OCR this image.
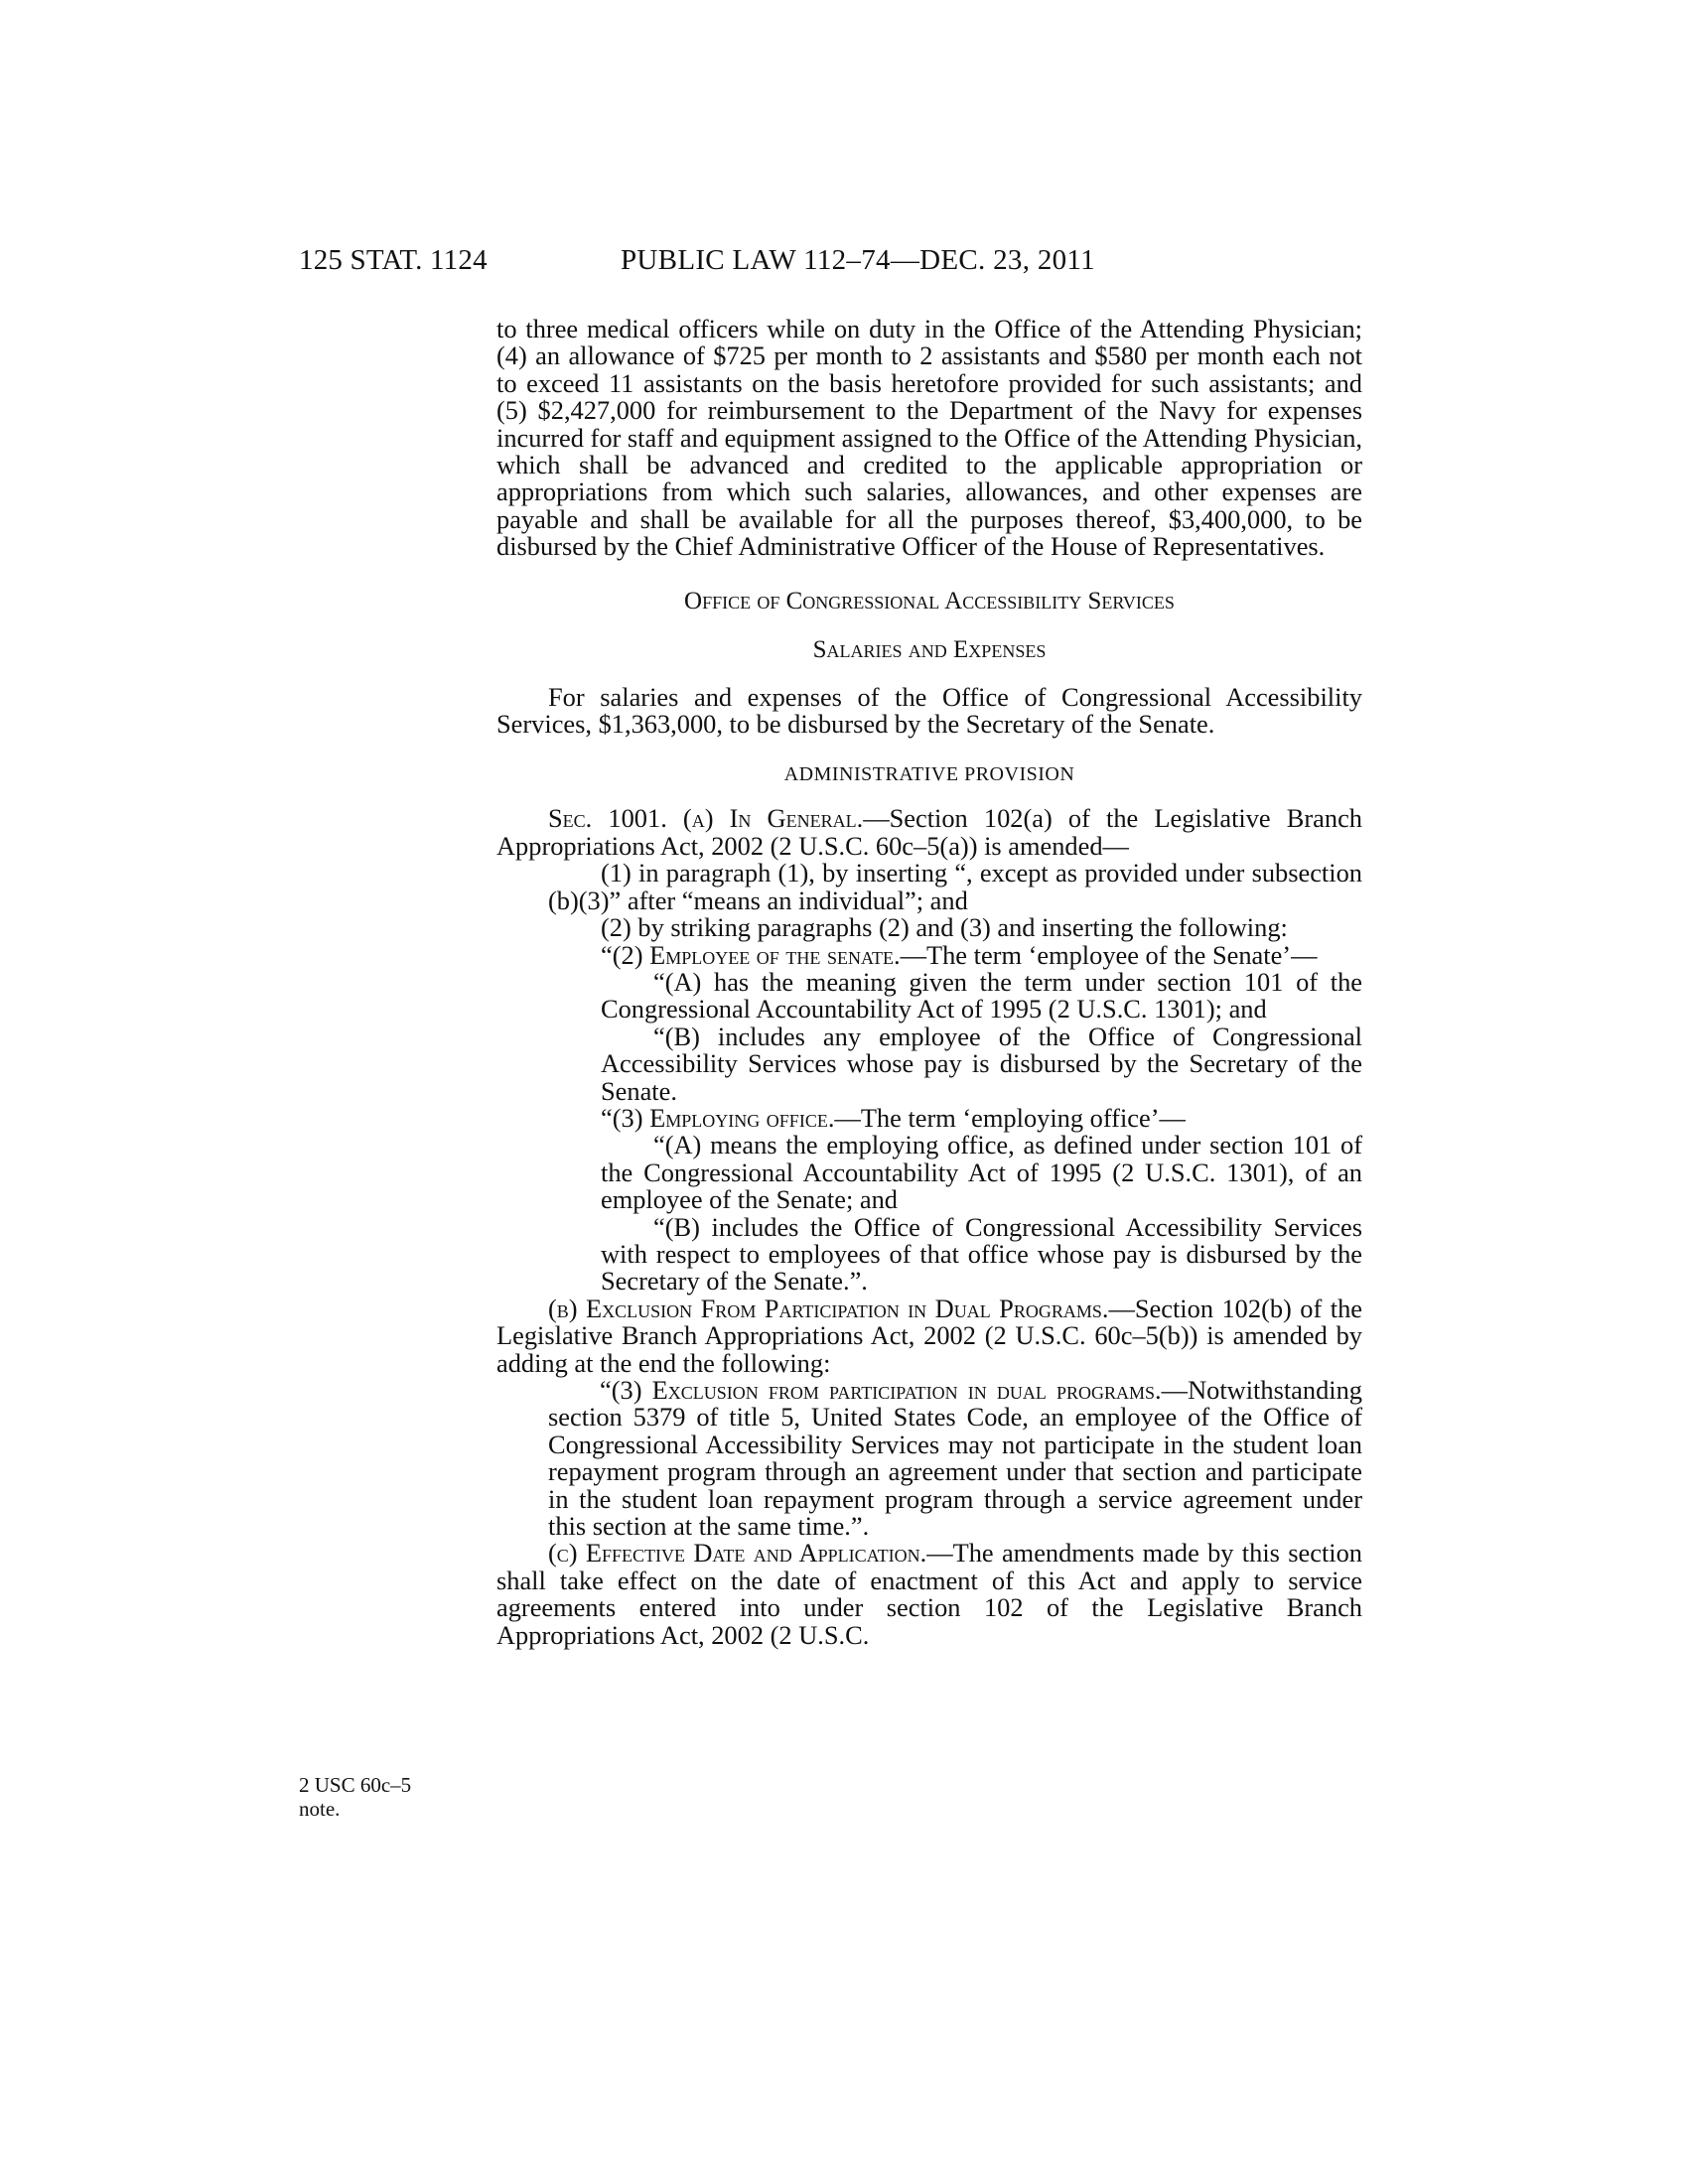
125 STAT. 1124	PUBLIC LAW 112–74—DEC. 23, 2011
2 USC 60c–5
note.

to three medical officers while on duty in the Office of the Attending Physician; (4) an allowance of $725 per month to 2 assistants and $580 per month each not to exceed 11 assistants on the basis heretofore provided for such assistants; and (5) $2,427,000 for reimbursement to the Department of the Navy for expenses incurred for staff and equipment assigned to the Office of the Attending Physician, which shall be advanced and credited to the applicable appropriation or appropriations from which such salaries, allowances, and other expenses are payable and shall be available for all the purposes thereof, $3,400,000, to be disbursed by the Chief Administrative Officer of the House of Representatives.

Office of Congressional Accessibility Services

Salaries and Expenses

For salaries and expenses of the Office of Congressional Accessibility Services, $1,363,000, to be disbursed by the Secretary of the Senate.

ADMINISTRATIVE PROVISION

Sec. 1001. (a) In General.—Section 102(a) of the Legislative Branch Appropriations Act, 2002 (2 U.S.C. 60c–5(a)) is amended—

(1) in paragraph (1), by inserting “, except as provided under subsection (b)(3)” after “means an individual”; and

(2) by striking paragraphs (2) and (3) and inserting the following:

“(2) Employee of the senate.—The term ‘employee of the Senate’—

“(A) has the meaning given the term under section 101 of the Congressional Accountability Act of 1995 (2 U.S.C. 1301); and

“(B) includes any employee of the Office of Congressional Accessibility Services whose pay is disbursed by the Secretary of the Senate.

“(3) Employing office.—The term ‘employing office’—

“(A) means the employing office, as defined under section 101 of the Congressional Accountability Act of 1995 (2 U.S.C. 1301), of an employee of the Senate; and

“(B) includes the Office of Congressional Accessibility Services with respect to employees of that office whose pay is disbursed by the Secretary of the Senate.”.

(b) Exclusion From Participation in Dual Programs.—Section 102(b) of the Legislative Branch Appropriations Act, 2002 (2 U.S.C. 60c–5(b)) is amended by adding at the end the following:

“(3) Exclusion from participation in dual programs.—Notwithstanding section 5379 of title 5, United States Code, an employee of the Office of Congressional Accessibility Services may not participate in the student loan repayment program through an agreement under that section and participate in the student loan repayment program through a service agreement under this section at the same time.”.

(c) Effective Date and Application.—The amendments made by this section shall take effect on the date of enactment of this Act and apply to service agreements entered into under section 102 of the Legislative Branch Appropriations Act, 2002 (2 U.S.C.
